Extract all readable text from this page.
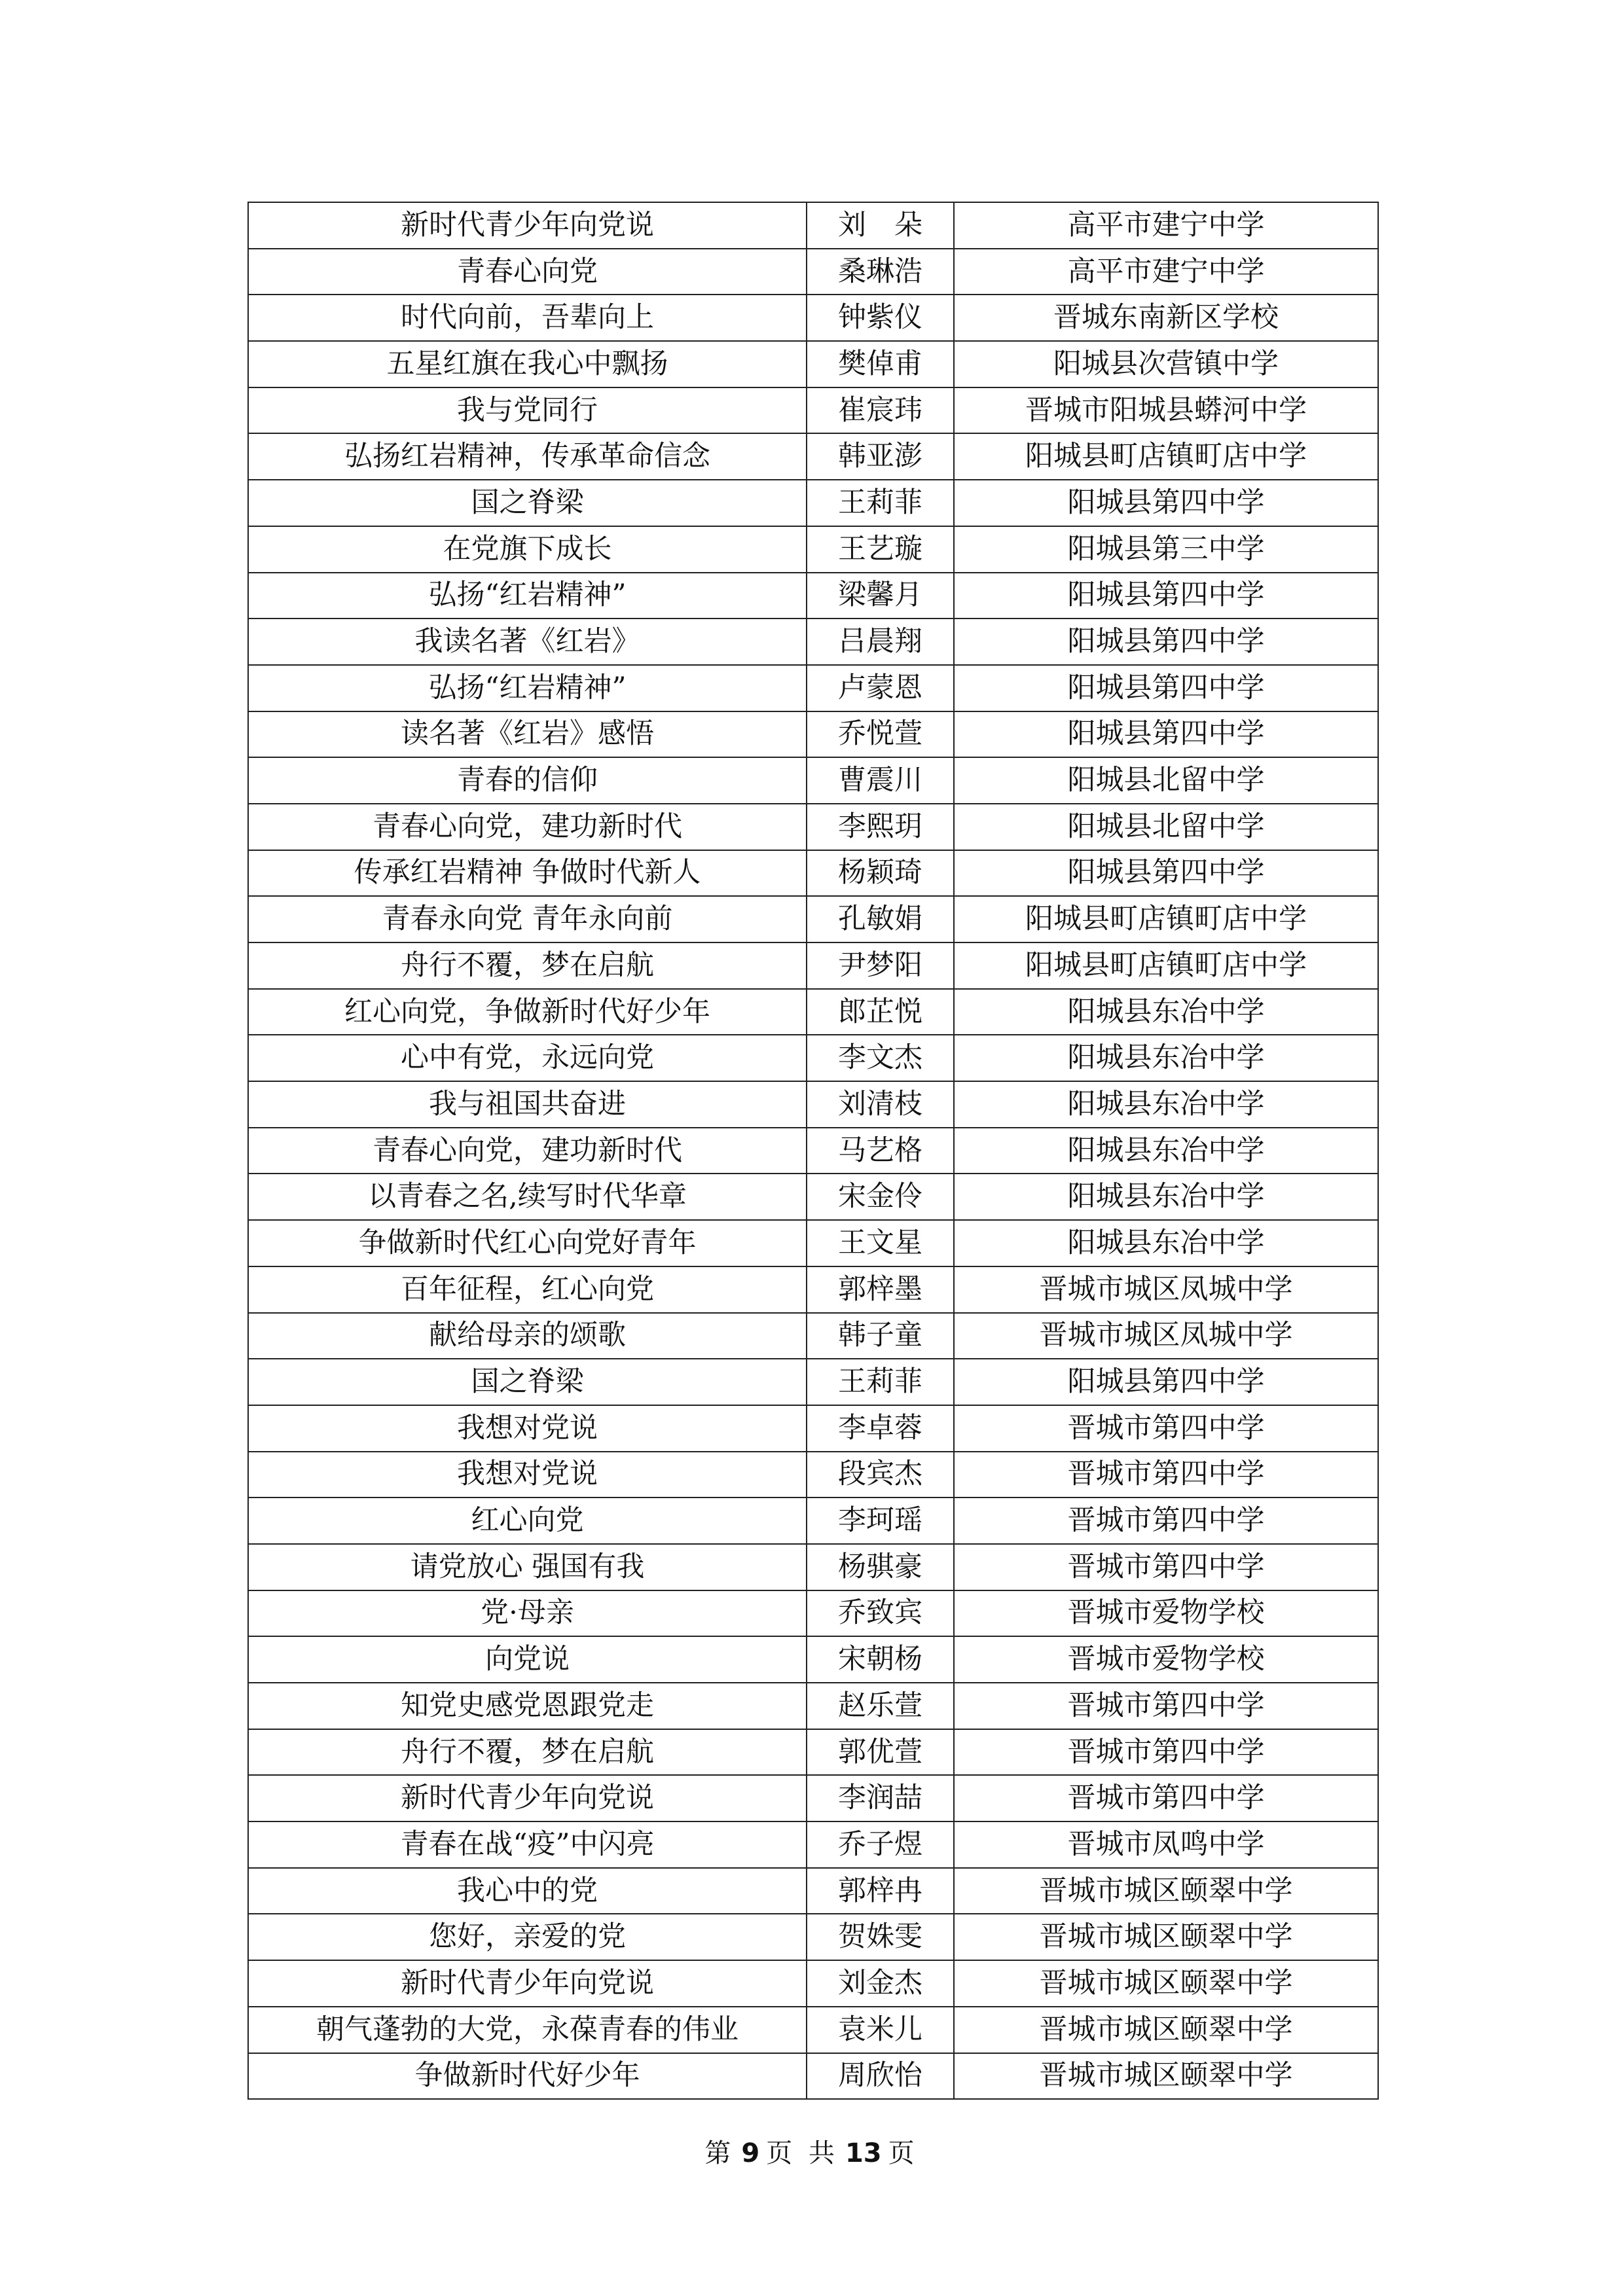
新时代青少年向党说	刘　朵	高平市建宁中学
青春心向党	桑琳浩	高平市建宁中学
时代向前，吾辈向上	钟紫仪	晋城东南新区学校
五星红旗在我心中飘扬	樊倬甫	阳城县次营镇中学
我与党同行	崔宸玮	晋城市阳城县蟒河中学
弘扬红岩精神，传承革命信念	韩亚澎	阳城县町店镇町店中学
国之脊梁	王莉菲	阳城县第四中学
在党旗下成长	王艺璇	阳城县第三中学
弘扬“红岩精神”	梁馨月	阳城县第四中学
我读名著《红岩》	吕晨翔	阳城县第四中学
弘扬“红岩精神”	卢蒙恩	阳城县第四中学
读名著《红岩》感悟	乔悦萱	阳城县第四中学
青春的信仰	曹震川	阳城县北留中学
青春心向党，建功新时代	李熙玥	阳城县北留中学
传承红岩精神 争做时代新人	杨颖琦	阳城县第四中学
青春永向党 青年永向前	孔敏娟	阳城县町店镇町店中学
舟行不覆，梦在启航	尹梦阳	阳城县町店镇町店中学
红心向党，争做新时代好少年	郎芷悦	阳城县东冶中学
心中有党，永远向党	李文杰	阳城县东冶中学
我与祖国共奋进	刘清枝	阳城县东冶中学
青春心向党，建功新时代	马艺格	阳城县东冶中学
以青春之名,续写时代华章	宋金伶	阳城县东冶中学
争做新时代红心向党好青年	王文星	阳城县东冶中学
百年征程，红心向党	郭梓墨	晋城市城区凤城中学
献给母亲的颂歌	韩子童	晋城市城区凤城中学
国之脊梁	王莉菲	阳城县第四中学
我想对党说	李卓蓉	晋城市第四中学
我想对党说	段宾杰	晋城市第四中学
红心向党	李珂瑶	晋城市第四中学
请党放心 强国有我	杨骐豪	晋城市第四中学
党·母亲	乔致宾	晋城市爱物学校
向党说	宋朝杨	晋城市爱物学校
知党史感党恩跟党走	赵乐萱	晋城市第四中学
舟行不覆，梦在启航	郭优萱	晋城市第四中学
新时代青少年向党说	李润喆	晋城市第四中学
青春在战“疫”中闪亮	乔子煜	晋城市凤鸣中学
我心中的党	郭梓冉	晋城市城区颐翠中学
您好，亲爱的党	贺姝雯	晋城市城区颐翠中学
新时代青少年向党说	刘金杰	晋城市城区颐翠中学
朝气蓬勃的大党，永葆青春的伟业	袁米儿	晋城市城区颐翠中学
争做新时代好少年	周欣怡	晋城市城区颐翠中学
第 9 页 共 13 页
